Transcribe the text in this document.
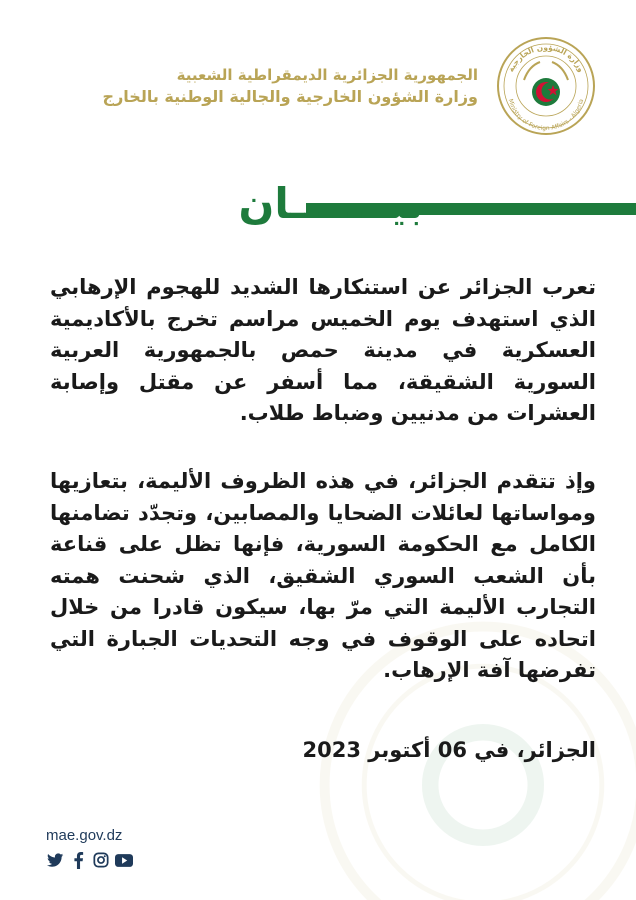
وزارة الشؤون الخارجية
Ministry of Foreign Affairs - Algeria
الجمهورية الجزائرية الديمقراطية الشعبية
وزارة الشؤون الخارجية والجالية الوطنية بالخارج
بيـــــــان
تعرب الجزائر عن استنكارها الشديد للهجوم الإرهابي الذي استهدف يوم الخميس مراسم تخرج بالأكاديمية العسكرية في مدينة حمص بالجمهورية العربية السورية الشقيقة، مما أسفر عن مقتل وإصابة العشرات من مدنيين وضباط طلاب.
وإذ تتقدم الجزائر، في هذه الظروف الأليمة، بتعازيها ومواساتها لعائلات الضحايا والمصابين، وتجدّد تضامنها الكامل مع الحكومة السورية، فإنها تظل على قناعة بأن الشعب السوري الشقيق، الذي شحنت همته التجارب الأليمة التي مرّ بها، سيكون قادرا من خلال اتحاده على الوقوف في وجه التحديات الجبارة التي تفرضها آفة الإرهاب.
الجزائر، في 06 أكتوبر 2023
mae.gov.dz
